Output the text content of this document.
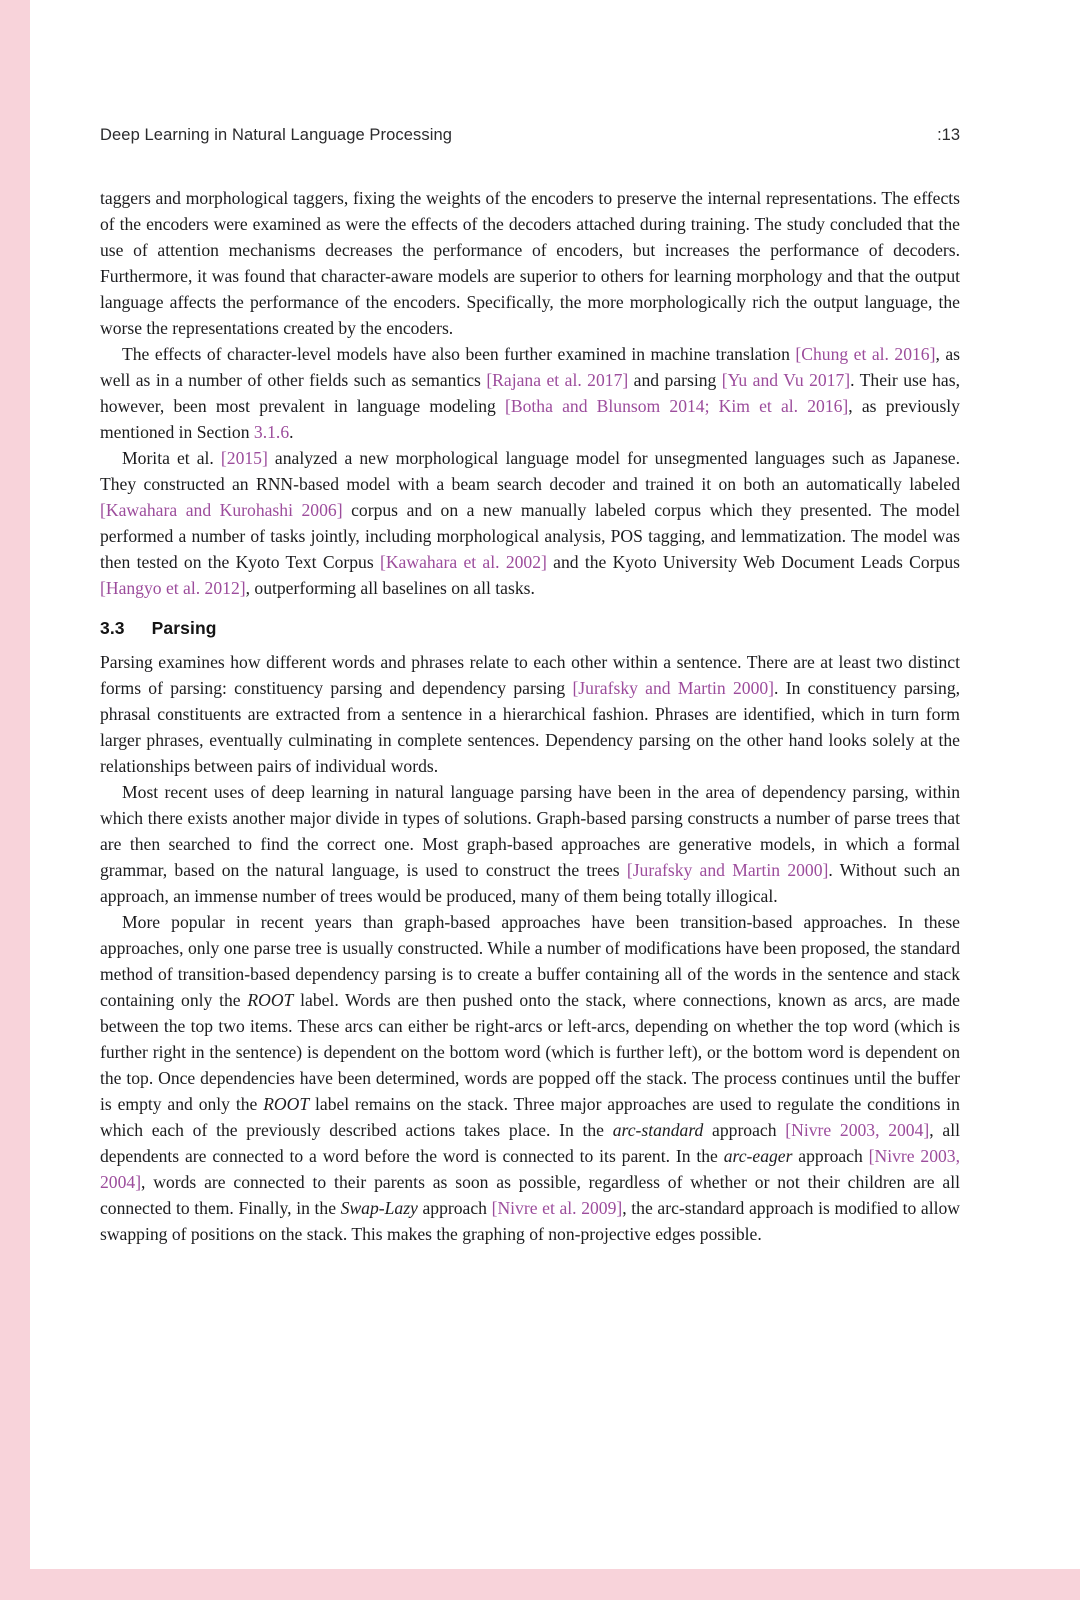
Deep Learning in Natural Language Processing	:13

taggers and morphological taggers, fixing the weights of the encoders to preserve the internal representations. The effects of the encoders were examined as were the effects of the decoders attached during training. The study concluded that the use of attention mechanisms decreases the performance of encoders, but increases the performance of decoders. Furthermore, it was found that character-aware models are superior to others for learning morphology and that the output language affects the performance of the encoders. Specifically, the more morphologically rich the output language, the worse the representations created by the encoders.

The effects of character-level models have also been further examined in machine translation [Chung et al. 2016], as well as in a number of other fields such as semantics [Rajana et al. 2017] and parsing [Yu and Vu 2017]. Their use has, however, been most prevalent in language modeling [Botha and Blunsom 2014; Kim et al. 2016], as previously mentioned in Section 3.1.6.

Morita et al. [2015] analyzed a new morphological language model for unsegmented languages such as Japanese. They constructed an RNN-based model with a beam search decoder and trained it on both an automatically labeled [Kawahara and Kurohashi 2006] corpus and on a new manually labeled corpus which they presented. The model performed a number of tasks jointly, including morphological analysis, POS tagging, and lemmatization. The model was then tested on the Kyoto Text Corpus [Kawahara et al. 2002] and the Kyoto University Web Document Leads Corpus [Hangyo et al. 2012], outperforming all baselines on all tasks.

3.3 Parsing

Parsing examines how different words and phrases relate to each other within a sentence. There are at least two distinct forms of parsing: constituency parsing and dependency parsing [Jurafsky and Martin 2000]. In constituency parsing, phrasal constituents are extracted from a sentence in a hierarchical fashion. Phrases are identified, which in turn form larger phrases, eventually culminating in complete sentences. Dependency parsing on the other hand looks solely at the relationships between pairs of individual words.

Most recent uses of deep learning in natural language parsing have been in the area of dependency parsing, within which there exists another major divide in types of solutions. Graph-based parsing constructs a number of parse trees that are then searched to find the correct one. Most graph-based approaches are generative models, in which a formal grammar, based on the natural language, is used to construct the trees [Jurafsky and Martin 2000]. Without such an approach, an immense number of trees would be produced, many of them being totally illogical.

More popular in recent years than graph-based approaches have been transition-based approaches. In these approaches, only one parse tree is usually constructed. While a number of modifications have been proposed, the standard method of transition-based dependency parsing is to create a buffer containing all of the words in the sentence and stack containing only the ROOT label. Words are then pushed onto the stack, where connections, known as arcs, are made between the top two items. These arcs can either be right-arcs or left-arcs, depending on whether the top word (which is further right in the sentence) is dependent on the bottom word (which is further left), or the bottom word is dependent on the top. Once dependencies have been determined, words are popped off the stack. The process continues until the buffer is empty and only the ROOT label remains on the stack. Three major approaches are used to regulate the conditions in which each of the previously described actions takes place. In the arc-standard approach [Nivre 2003, 2004], all dependents are connected to a word before the word is connected to its parent. In the arc-eager approach [Nivre 2003, 2004], words are connected to their parents as soon as possible, regardless of whether or not their children are all connected to them. Finally, in the Swap-Lazy approach [Nivre et al. 2009], the arc-standard approach is modified to allow swapping of positions on the stack. This makes the graphing of non-projective edges possible.
